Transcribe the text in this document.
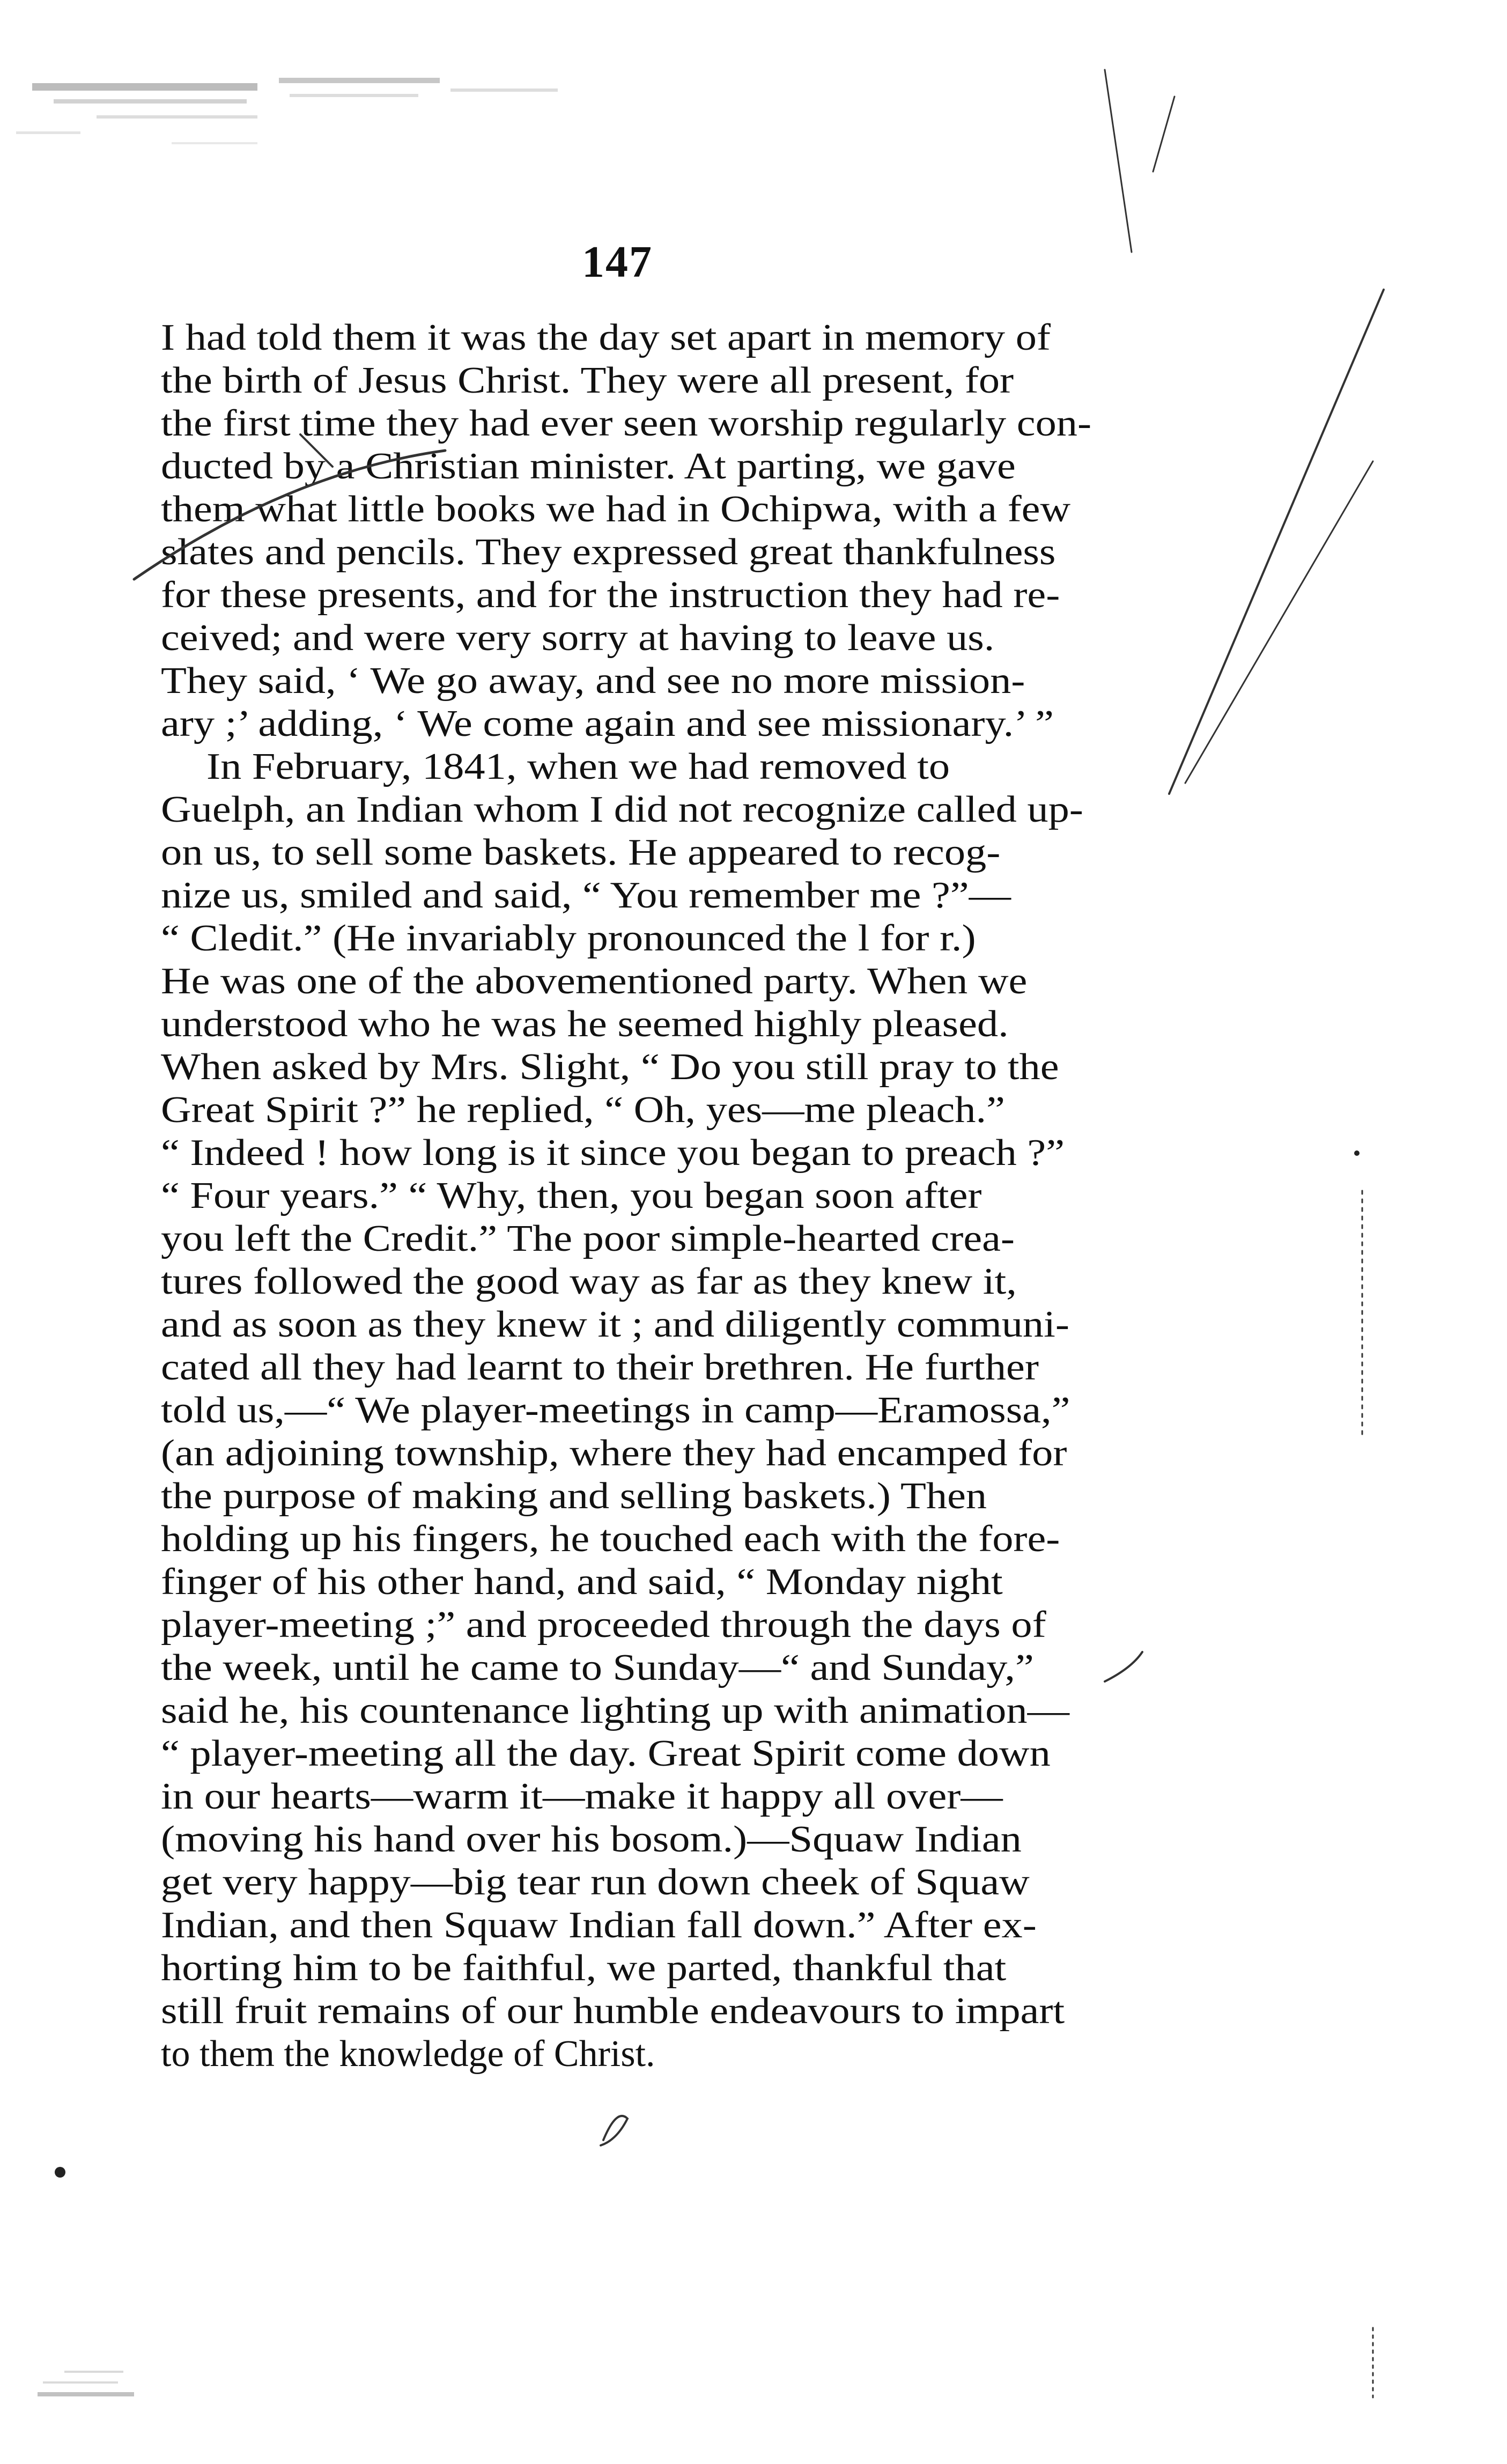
147
I had told them it was the day set apart in memory of
the birth of Jesus Christ. They were all present, for
the first time they had ever seen worship regularly con-
ducted by a Christian minister. At parting, we gave
them what little books we had in Ochipwa, with a few
slates and pencils. They expressed great thankfulness
for these presents, and for the instruction they had re-
ceived; and were very sorry at having to leave us.
They said, ‘ We go away, and see no more mission-
ary ;’ adding, ‘ We come again and see missionary.’ ”
In February, 1841, when we had removed to
Guelph, an Indian whom I did not recognize called up-
on us, to sell some baskets. He appeared to recog-
nize us, smiled and said, “ You remember me ?”—
“ Cledit.” (He invariably pronounced the l for r.)
He was one of the abovementioned party. When we
understood who he was he seemed highly pleased.
When asked by Mrs. Slight, “ Do you still pray to the
Great Spirit ?” he replied, “ Oh, yes—me pleach.”
“ Indeed ! how long is it since you began to preach ?”
“ Four years.” “ Why, then, you began soon after
you left the Credit.” The poor simple-hearted crea-
tures followed the good way as far as they knew it,
and as soon as they knew it ; and diligently communi-
cated all they had learnt to their brethren. He further
told us,—“ We player-meetings in camp—Eramossa,”
(an adjoining township, where they had encamped for
the purpose of making and selling baskets.) Then
holding up his fingers, he touched each with the fore-
finger of his other hand, and said, “ Monday night
player-meeting ;” and proceeded through the days of
the week, until he came to Sunday—“ and Sunday,”
said he, his countenance lighting up with animation—
“ player-meeting all the day. Great Spirit come down
in our hearts—warm it—make it happy all over—
(moving his hand over his bosom.)—Squaw Indian
get very happy—big tear run down cheek of Squaw
Indian, and then Squaw Indian fall down.” After ex-
horting him to be faithful, we parted, thankful that
still fruit remains of our humble endeavours to impart
to them the knowledge of Christ.
